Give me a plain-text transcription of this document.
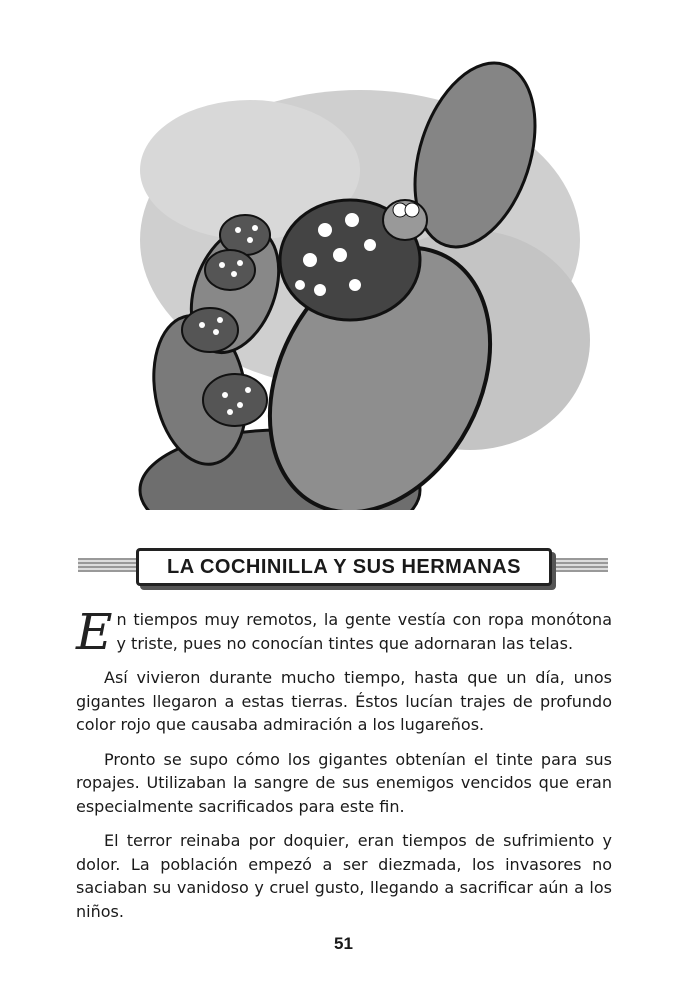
LA COCHINILLA Y SUS HERMANAS

E n tiempos muy remotos, la gente vestía con ropa monótona y triste, pues no conocían tintes que adornaran las telas.

Así vivieron durante mucho tiempo, hasta que un día, unos gigantes llegaron a estas tierras. Éstos lucían trajes de profundo color rojo que causaba admiración a los lugareños.

Pronto se supo cómo los gigantes obtenían el tinte para sus ropajes. Utilizaban la sangre de sus enemigos vencidos que eran especialmente sacrificados para este fin.

El terror reinaba por doquier, eran tiempos de sufrimiento y dolor. La población empezó a ser diezmada, los invasores no saciaban su vanidoso y cruel gusto, llegando a sacrificar aún a los niños.

51
